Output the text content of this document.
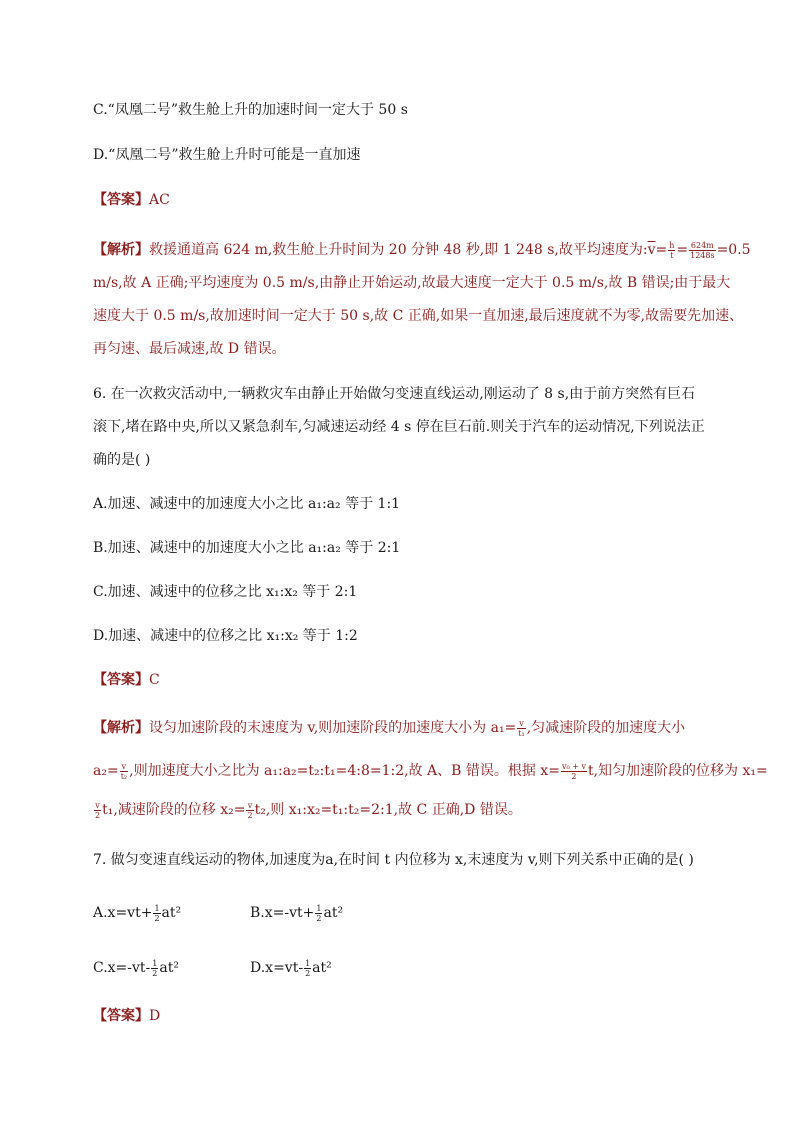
C.“凤凰二号”救生舱上升的加速时间一定大于 50 s
D.“凤凰二号”救生舱上升时可能是一直加速
【答案】AC
【解析】救援通道高 624 m,救生舱上升时间为 20 分钟 48 秒,即 1 248 s,故平均速度为$:\overline{v}= \frac{h}{t} = \frac{624m}{1248s} =0.5$
m/s,故 A 正确;平均速度为 0.5 m/s,由静止开始运动,故最大速度一定大于 0.5 m/s,故 B 错误;由于最大
速度大于 0.5 m/s,故加速时间一定大于 50 s,故 C 正确,如果一直加速,最后速度就不为零,故需要先加速、
再匀速、最后减速,故 D 错误。
6. 在一次救灾活动中,一辆救灾车由静止开始做匀变速直线运动,刚运动了 8 s,由于前方突然有巨石
滚下,堵在路中央,所以又紧急刹车,匀减速运动经 4 s 停在巨石前.则关于汽车的运动情况,下列说法正
确的是( )
A.加速、减速中的加速度大小之比 a₁:a₂ 等于 1:1
B.加速、减速中的加速度大小之比 a₁:a₂ 等于 2:1
C.加速、减速中的位移之比 x₁:x₂ 等于 2:1
D.加速、减速中的位移之比 x₁:x₂ 等于 1:2
【答案】C
【解析】设匀加速阶段的末速度为 v,则加速阶段的加速度大小为 $a_1= \frac{v}{\text{t₁}}$ ,匀减速阶段的加速度大小
$a_2= \frac{v}{\text{t₂}}$ ,则加速度大小之比为 a₁:a₂=t₂:t₁=4:8=1:2,故 A、B 错误。根据 $x= \frac{\text{v₀ + v}}{2} t$,知匀加速阶段的位移为 x₁=
$\frac{v}{2} t_1$,减速阶段的位移 $x_2= \frac{v}{2} t_2$,则 x₁:x₂=t₁:t₂=2:1,故 C 正确,D 错误。
7. 做匀变速直线运动的物体,加速度为a,在时间 t 内位移为 x,末速度为 v,则下列关系中正确的是( )
$A.x=vt+ \frac{1}{2} at^2$	$B.x=-vt+ \frac{1}{2} at^2$
$C.x=-vt- \frac{1}{2} at^2$	$D.x=vt- \frac{1}{2} at^2$
【答案】D
